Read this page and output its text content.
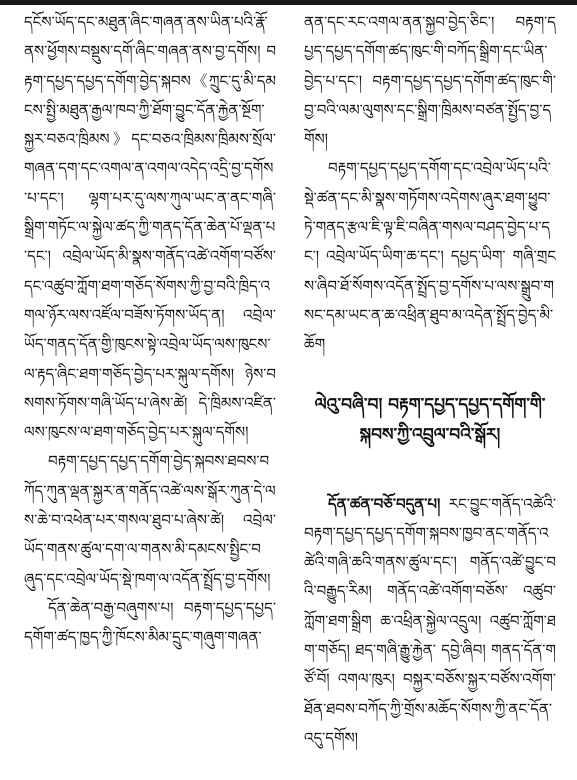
དངོས་ཡོད་དང་མཐུན་ཞིང་གཞན་ནས་ཡིན་པའི་རྣོ་ནས་ཕྱོགས་བསྡུས་དགོ་ཞིང་གཞན་ནས་བྱ་དགོས། བརྟག་དཔྱད་དཔྱད་དགོག་བྱེད་སྐབས《ཀྲུང་དུ་མི་དམངས་སྤྱི་མཐུན་རྒྱལ་ཁབ་ཀྱི་ཐོག་བྱུང་དོན་རྐྱེན་སྔོག་སྐྱར་བཅའ་ཁྲིམས》དང་བཅའ་ཁྲིམས་ཁྲིམས་སྲོལ་གཞན་དག་དང་འགལ་ན་འགལ་འདེད་འདྲི་བྱ་དགོས་པ་དང་། ལྷག་པར་དུ་ལས་ཀུལ་ཡང་ན་ནང་གཞི་སྒྲིག་གཏོང་ལ་སྐྱེལ་ཚད་ཀྱི་གནད་དོན་ཆེན་པོ་ལྡན་པ་དང་། འབྲེལ་ཡོད་མི་སྣས་གནོད་འཚེ་འགོག་བཙོས་དང་འཚུབ་ཀློག་ཐག་གཅོད་སོགས་ཀྱི་བྱ་བའི་ཁྲིད་འགལ་ཉོར་ལས་འཛོལ་བཟོས་ཏོགས་ཡོད་ན། འབྲེལ་ཡོད་གནད་དོན་གྱི་ཁུངས་སྟེ་འབྲེལ་ཡོད་ལས་ཁུངས་ལ་རྟད་ཞིང་ཐག་གཅོད་བྱེད་པར་སྐུལ་དགོས། ཉེས་བསགས་ཏོགས་གཞི་ཡོད་པ་ཞེས་ཚེ། དེ་ཁྲིམས་འཛིན་ལས་ཁུངས་ལ་ཐག་གཅོད་བྱེད་པར་སྐུལ་དགོས།

བརྟག་དཔྱད་དཔྱད་དགོག་བྱེད་སྐབས་ཐབས་བཀོད་ཀུན་ལྡན་སྐྱར་ན་གནོད་འཚེ་ལས་སྒོར་ཀུན་དེ་ལས་ཆེ་བ་འཕེན་པར་གསལ་ཐུབ་པ་ཞེས་ཚེ། འབྲེལ་ཡོད་གནས་ཚུལ་དག་ལ་གནས་མི་དམངས་སྤྱིང་བཞུད་དང་འབྲེལ་ཡོད་སྡེ་ཁག་ལ་འདོན་སྤྲོད་བྱ་དགོས།

དོན་ཆེན་བརྒྱ་བཞུགས་པ། བརྟག་དཔྱད་དཔྱད་དགོག་ཚད་ཁྱད་ཀྱི་ཁོངས་མིམ་དྲུང་གཞུག་གཞན་

ནན་དང་རང་འགལ་ནན་སྐྱབ་བྱེད་ཅིང་། བརྟག་དཔྱད་དཔྱད་དགོག་ཚད་ཁུང་གི་བཀོད་སྒྲིག་དང་ཡིན་བྱེད་པ་དང་། བརྟག་དཔྱད་དཔྱད་དགོག་ཚད་ཁུང་གི་བྱ་བའི་ལམ་ལུགས་དང་སྒྲིག་ཁྲིམས་བཙན་སྤྱོད་བྱ་དགོས།

བརྟག་དཔྱད་དཔྱད་དགོག་དང་འབྲེལ་ཡོད་པའི་སྡེ་ཚན་དང་མི་སྣས་གཏོགས་འདེགས་ཞུར་ཐག་ཕྱུབ་ཏེ་གནད་རྩལ་ཇི་ལྟ་ཇི་བཞིན་གསལ་བཤད་བྱེད་པ་དང་། འབྲེལ་ཡོད་ཡིག་ཆ་དང་། དཔྱད་ཡིག་ གཞི་གྲངས་ཞིབ་ཐོ་སོགས་འདོན་སྤྲོད་བྱ་དགོས་པ་ལས་སྒྲུབ་གསང་དམ་ཡང་ན་ཆ་འཕྲིན་ཐུབ་མ་འདེན་སྤྲོད་བྱེད་མི་ཆོག

ལེའུ་བཞི་བ། བརྟག་དཔྱད་དཔྱད་དགོག་གི་སྐབས་ཀྱི་འབྲུལ་བའི་སྒོར།

དོན་ཚན་བཅོ་བདུན་པ། རང་བྱུང་གནོད་འཚེའི་བརྟག་དཔྱད་དཔྱད་དགོག་སྐབས་ཁྱབ་ནང་གནོད་འཚེའི་གཞི་ཆའི་གནས་ཚུལ་དང་། གནོད་འཚེ་བྱུང་བའི་བརྒྱུད་རིམ། གནོད་འཚེ་འགོག་བཅོས་ འཚུབ་ཀློག་ཐག་སྒྲིག ཆ་འཕྲིན་སྐྱེལ་འདྲུལ། འཚུབ་ཀློག་ཐག་གཅོད། ཐད་གཞི་རྒྱུ་རྐྱེན་ དབྱེ་ཞིབ། གནད་དོན་གཙོ་བོ། འགལ་ཁུར། བསྐྱར་བཅོས་སྐྱར་བཙོས་འགོག་ཐོན་ཐབས་བཀོད་ཀྱི་གྲོས་མཆོད་སོགས་ཀྱི་ནང་དོན་འདུ་དགོས།
